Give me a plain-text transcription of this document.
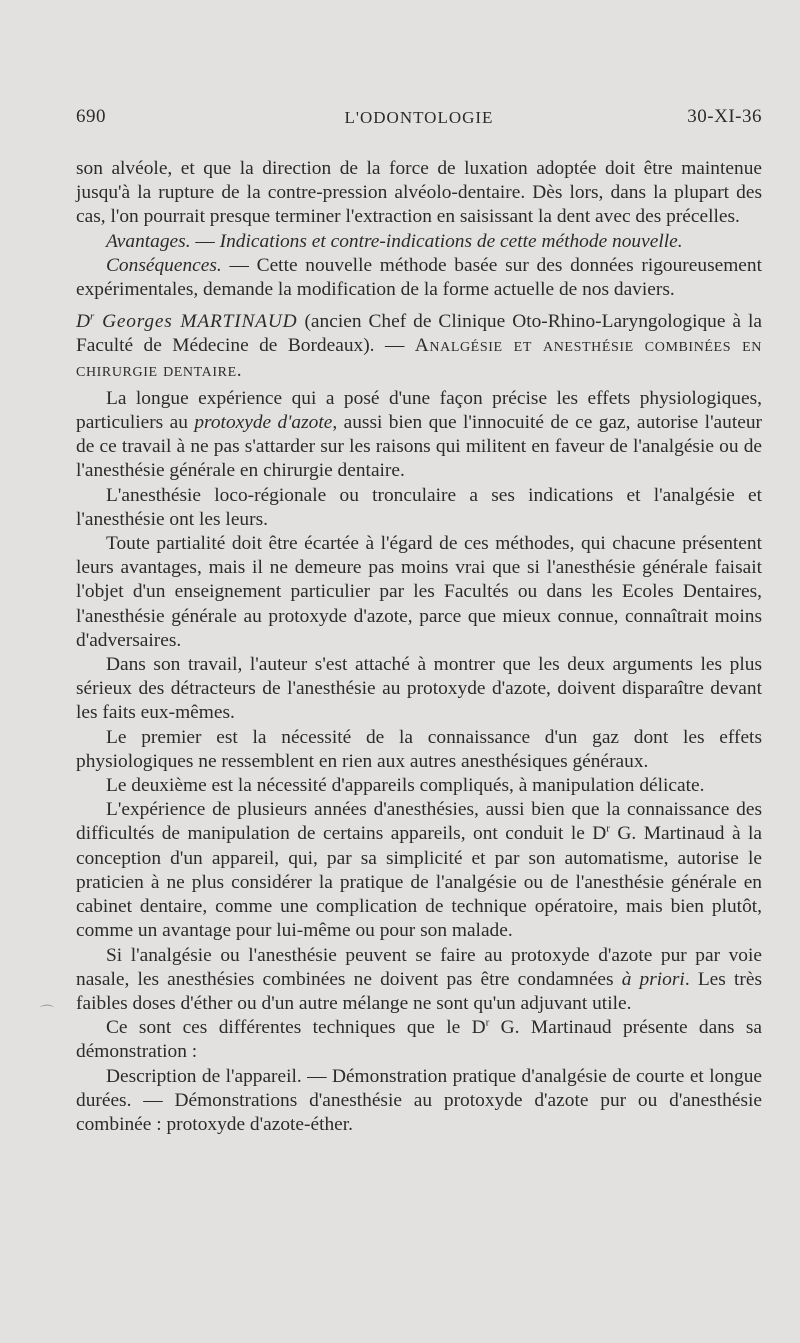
690	L'ODONTOLOGIE	30-XI-36

son alvéole, et que la direction de la force de luxation adoptée doit être maintenue jusqu'à la rupture de la contre-pression alvéolo-dentaire. Dès lors, dans la plupart des cas, l'on pourrait presque terminer l'extraction en saisissant la dent avec des précelles.

Avantages. — Indications et contre-indications de cette méthode nouvelle.

Conséquences. — Cette nouvelle méthode basée sur des données rigoureusement expérimentales, demande la modification de la forme actuelle de nos daviers.

$D^r$ Georges MARTINAUD (ancien Chef de Clinique Oto-Rhino-Laryngologique à la Faculté de Médecine de Bordeaux). — Analgésie et anesthésie combinées en chirurgie dentaire.

La longue expérience qui a posé d'une façon précise les effets physiologiques, particuliers au protoxyde d'azote, aussi bien que l'innocuité de ce gaz, autorise l'auteur de ce travail à ne pas s'attarder sur les raisons qui militent en faveur de l'analgésie ou de l'anesthésie générale en chirurgie dentaire.

L'anesthésie loco-régionale ou tronculaire a ses indications et l'analgésie et l'anesthésie ont les leurs.

Toute partialité doit être écartée à l'égard de ces méthodes, qui chacune présentent leurs avantages, mais il ne demeure pas moins vrai que si l'anesthésie générale faisait l'objet d'un enseignement particulier par les Facultés ou dans les Ecoles Dentaires, l'anesthésie générale au protoxyde d'azote, parce que mieux connue, connaîtrait moins d'adversaires.

Dans son travail, l'auteur s'est attaché à montrer que les deux arguments les plus sérieux des détracteurs de l'anesthésie au protoxyde d'azote, doivent disparaître devant les faits eux-mêmes.

Le premier est la nécessité de la connaissance d'un gaz dont les effets physiologiques ne ressemblent en rien aux autres anesthésiques généraux.

Le deuxième est la nécessité d'appareils compliqués, à manipulation délicate.

L'expérience de plusieurs années d'anesthésies, aussi bien que la connaissance des difficultés de manipulation de certains appareils, ont conduit le $D^r$ G. Martinaud à la conception d'un appareil, qui, par sa simplicité et par son automatisme, autorise le praticien à ne plus considérer la pratique de l'analgésie ou de l'anesthésie générale en cabinet dentaire, comme une complication de technique opératoire, mais bien plutôt, comme un avantage pour lui-même ou pour son malade.

Si l'analgésie ou l'anesthésie peuvent se faire au protoxyde d'azote pur par voie nasale, les anesthésies combinées ne doivent pas être condamnées à priori. Les très faibles doses d'éther ou d'un autre mélange ne sont qu'un adjuvant utile.

Ce sont ces différentes techniques que le $D^r$ G. Martinaud présente dans sa démonstration :

Description de l'appareil. — Démonstration pratique d'analgésie de courte et longue durées. — Démonstrations d'anesthésie au protoxyde d'azote pur ou d'anesthésie combinée : protoxyde d'azote-éther.

⌒
